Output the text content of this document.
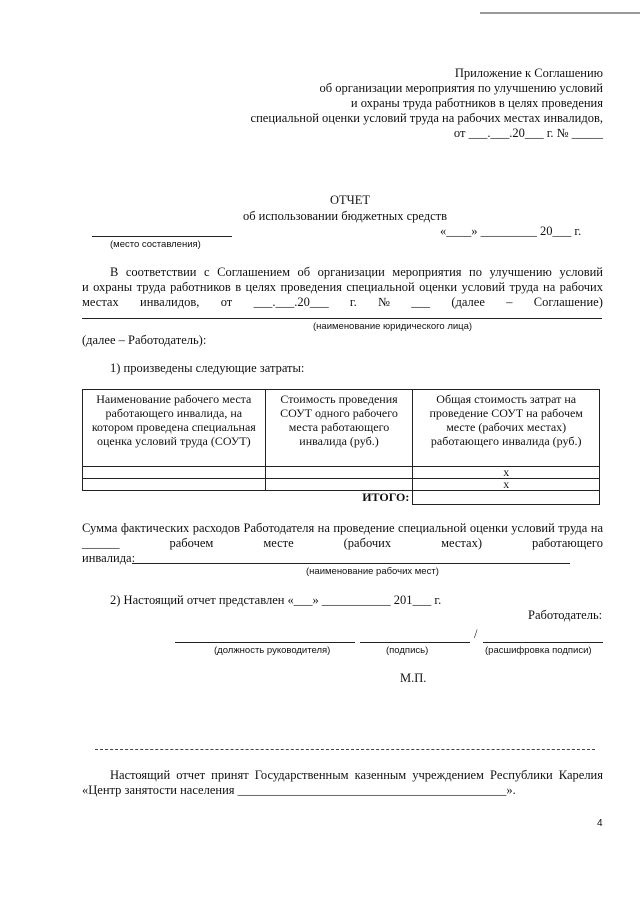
Приложение к Соглашению
об организации мероприятия по улучшению условий
и охраны труда работников в целях проведения
специальной оценки условий труда на рабочих местах инвалидов,
от ___.___.20___ г. № _____
ОТЧЕТ
об использовании бюджетных средств
(место составления)
«____» _________ 20___ г.
В соответствии с Соглашением об организации мероприятия по улучшению условий
и охраны труда работников в целях проведения специальной оценки условий труда на рабочих
местах инвалидов, от ___.___.20___ г. № ___ (далее – Соглашение)
(наименование юридического лица)
(далее – Работодатель):
1) произведены следующие затраты:
Наименование рабочего места работающего инвалида, на котором проведена специальная оценка условий труда (СОУТ)	Стоимость проведения СОУТ одного рабочего места работающего инвалида (руб.)	Общая стоимость затрат на проведение СОУТ на рабочем месте (рабочих местах) работающего инвалида (руб.)
		х
		х
ИТОГО:		
Сумма фактических расходов Работодателя на проведение специальной оценки условий труда на
______	рабочем	месте	(рабочих	местах)	работающего
инвалида:
(наименование рабочих мест)
2) Настоящий отчет представлен «___» ___________ 201___ г.
Работодатель:
/
(должность руководителя)	(подпись)	(расшифровка подписи)
М.П.
Настоящий отчет принят Государственным казенным учреждением Республики Карелия
«Центр занятости населения ___________________________________________».
4
